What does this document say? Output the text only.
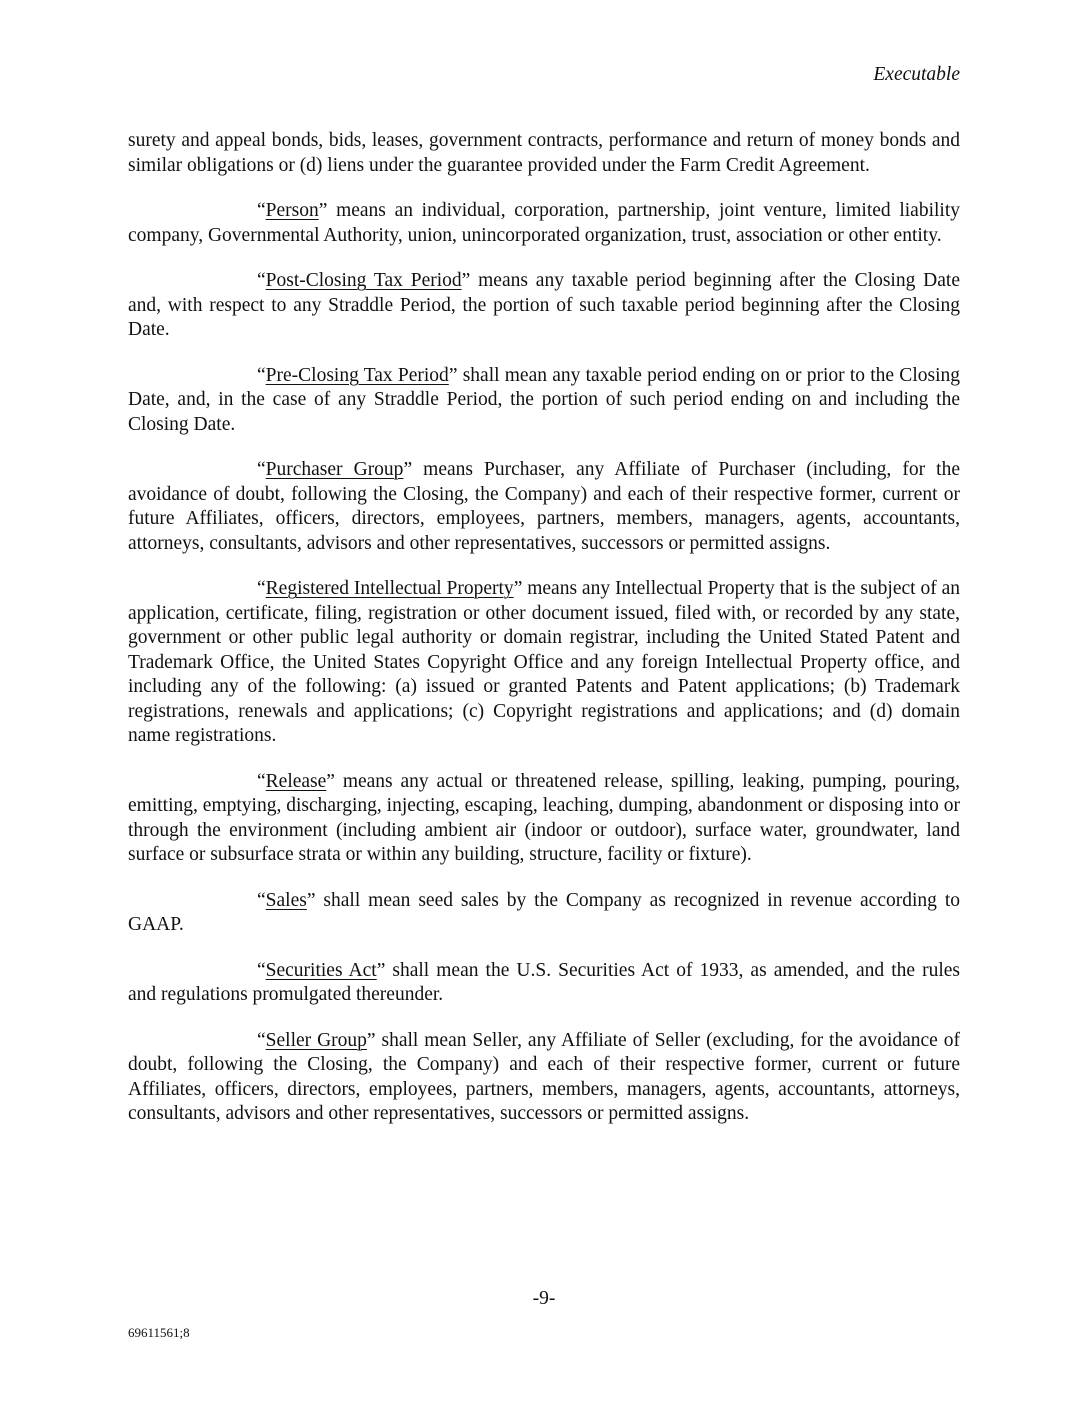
Executable

surety and appeal bonds, bids, leases, government contracts, performance and return of money bonds and similar obligations or (d) liens under the guarantee provided under the Farm Credit Agreement.

“Person” means an individual, corporation, partnership, joint venture, limited liability company, Governmental Authority, union, unincorporated organization, trust, association or other entity.

“Post-Closing Tax Period” means any taxable period beginning after the Closing Date and, with respect to any Straddle Period, the portion of such taxable period beginning after the Closing Date.

“Pre-Closing Tax Period” shall mean any taxable period ending on or prior to the Closing Date, and, in the case of any Straddle Period, the portion of such period ending on and including the Closing Date.

“Purchaser Group” means Purchaser, any Affiliate of Purchaser (including, for the avoidance of doubt, following the Closing, the Company) and each of their respective former, current or future Affiliates, officers, directors, employees, partners, members, managers, agents, accountants, attorneys, consultants, advisors and other representatives, successors or permitted assigns.

“Registered Intellectual Property” means any Intellectual Property that is the subject of an application, certificate, filing, registration or other document issued, filed with, or recorded by any state, government or other public legal authority or domain registrar, including the United Stated Patent and Trademark Office, the United States Copyright Office and any foreign Intellectual Property office, and including any of the following: (a) issued or granted Patents and Patent applications; (b) Trademark registrations, renewals and applications; (c) Copyright registrations and applications; and (d) domain name registrations.

“Release” means any actual or threatened release, spilling, leaking, pumping, pouring, emitting, emptying, discharging, injecting, escaping, leaching, dumping, abandonment or disposing into or through the environment (including ambient air (indoor or outdoor), surface water, groundwater, land surface or subsurface strata or within any building, structure, facility or fixture).

“Sales” shall mean seed sales by the Company as recognized in revenue according to GAAP.

“Securities Act” shall mean the U.S. Securities Act of 1933, as amended, and the rules and regulations promulgated thereunder.

“Seller Group” shall mean Seller, any Affiliate of Seller (excluding, for the avoidance of doubt, following the Closing, the Company) and each of their respective former, current or future Affiliates, officers, directors, employees, partners, members, managers, agents, accountants, attorneys, consultants, advisors and other representatives, successors or permitted assigns.

-9-
69611561;8
